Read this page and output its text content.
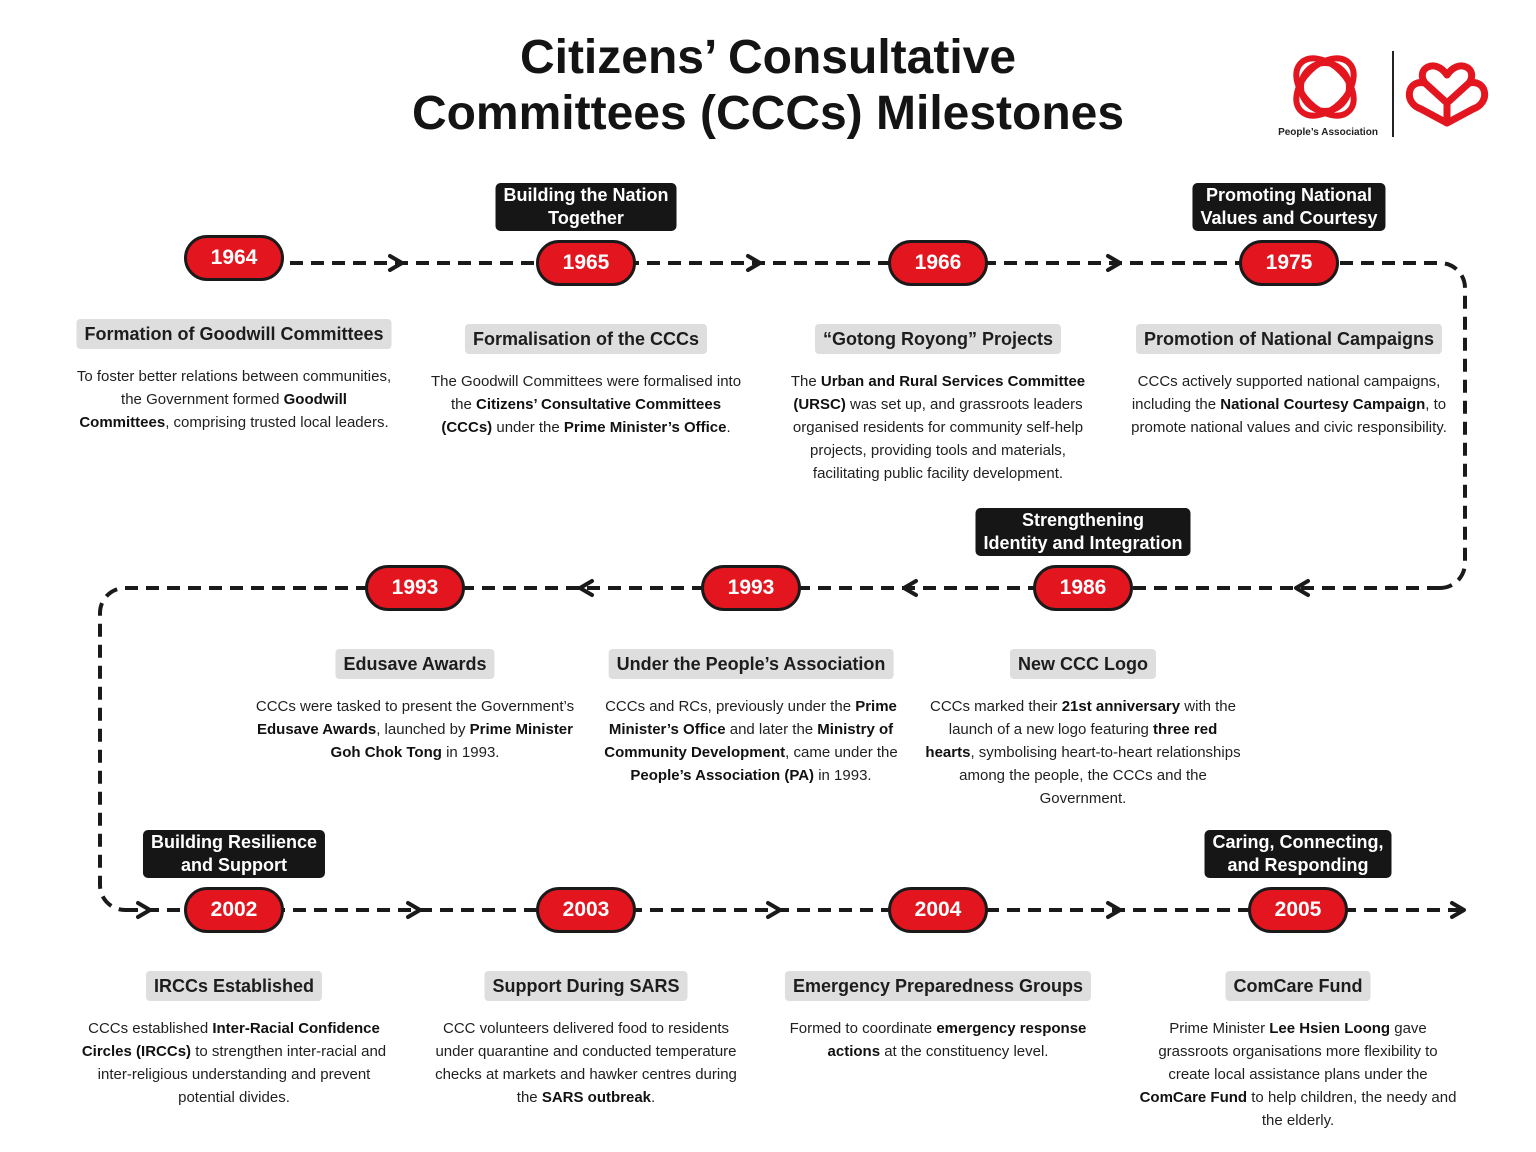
Citizens’ Consultative
Committees (CCCs) Milestones	People’s Association
1964
Formation of Goodwill Committees
To foster better relations between communities, the Government formed Goodwill Committees, comprising trusted local leaders.
1965
Building the Nation
Together
Formalisation of the CCCs
The Goodwill Committees were formalised into the Citizens’ Consultative Committees (CCCs) under the Prime Minister’s Office.
1966
“Gotong Royong” Projects
The Urban and Rural Services Committee (URSC) was set up, and grassroots leaders organised residents for community self-help projects, providing tools and materials, facilitating public facility development.
1975
Promoting National
Values and Courtesy
Promotion of National Campaigns
CCCs actively supported national campaigns, including the National Courtesy Campaign, to promote national values and civic responsibility.
1986
Strengthening
Identity and Integration
New CCC Logo
CCCs marked their 21st anniversary with the launch of a new logo featuring three red hearts, symbolising heart-to-heart relationships among the people, the CCCs and the Government.
1993
Under the People’s Association
CCCs and RCs, previously under the Prime Minister’s Office and later the Ministry of Community Development, came under the People’s Association (PA) in 1993.
1993
Edusave Awards
CCCs were tasked to present the Government’s Edusave Awards, launched by Prime Minister Goh Chok Tong in 1993.
2002
Building Resilience
and Support
IRCCs Established
CCCs established Inter-Racial Confidence Circles (IRCCs) to strengthen inter-racial and inter-religious understanding and prevent potential divides.
2003
Support During SARS
CCC volunteers delivered food to residents under quarantine and conducted temperature checks at markets and hawker centres during the SARS outbreak.
2004
Emergency Preparedness Groups
Formed to coordinate emergency response actions at the constituency level.
2005
Caring, Connecting,
and Responding
ComCare Fund
Prime Minister Lee Hsien Loong gave grassroots organisations more flexibility to create local assistance plans under the ComCare Fund to help children, the needy and the elderly.
